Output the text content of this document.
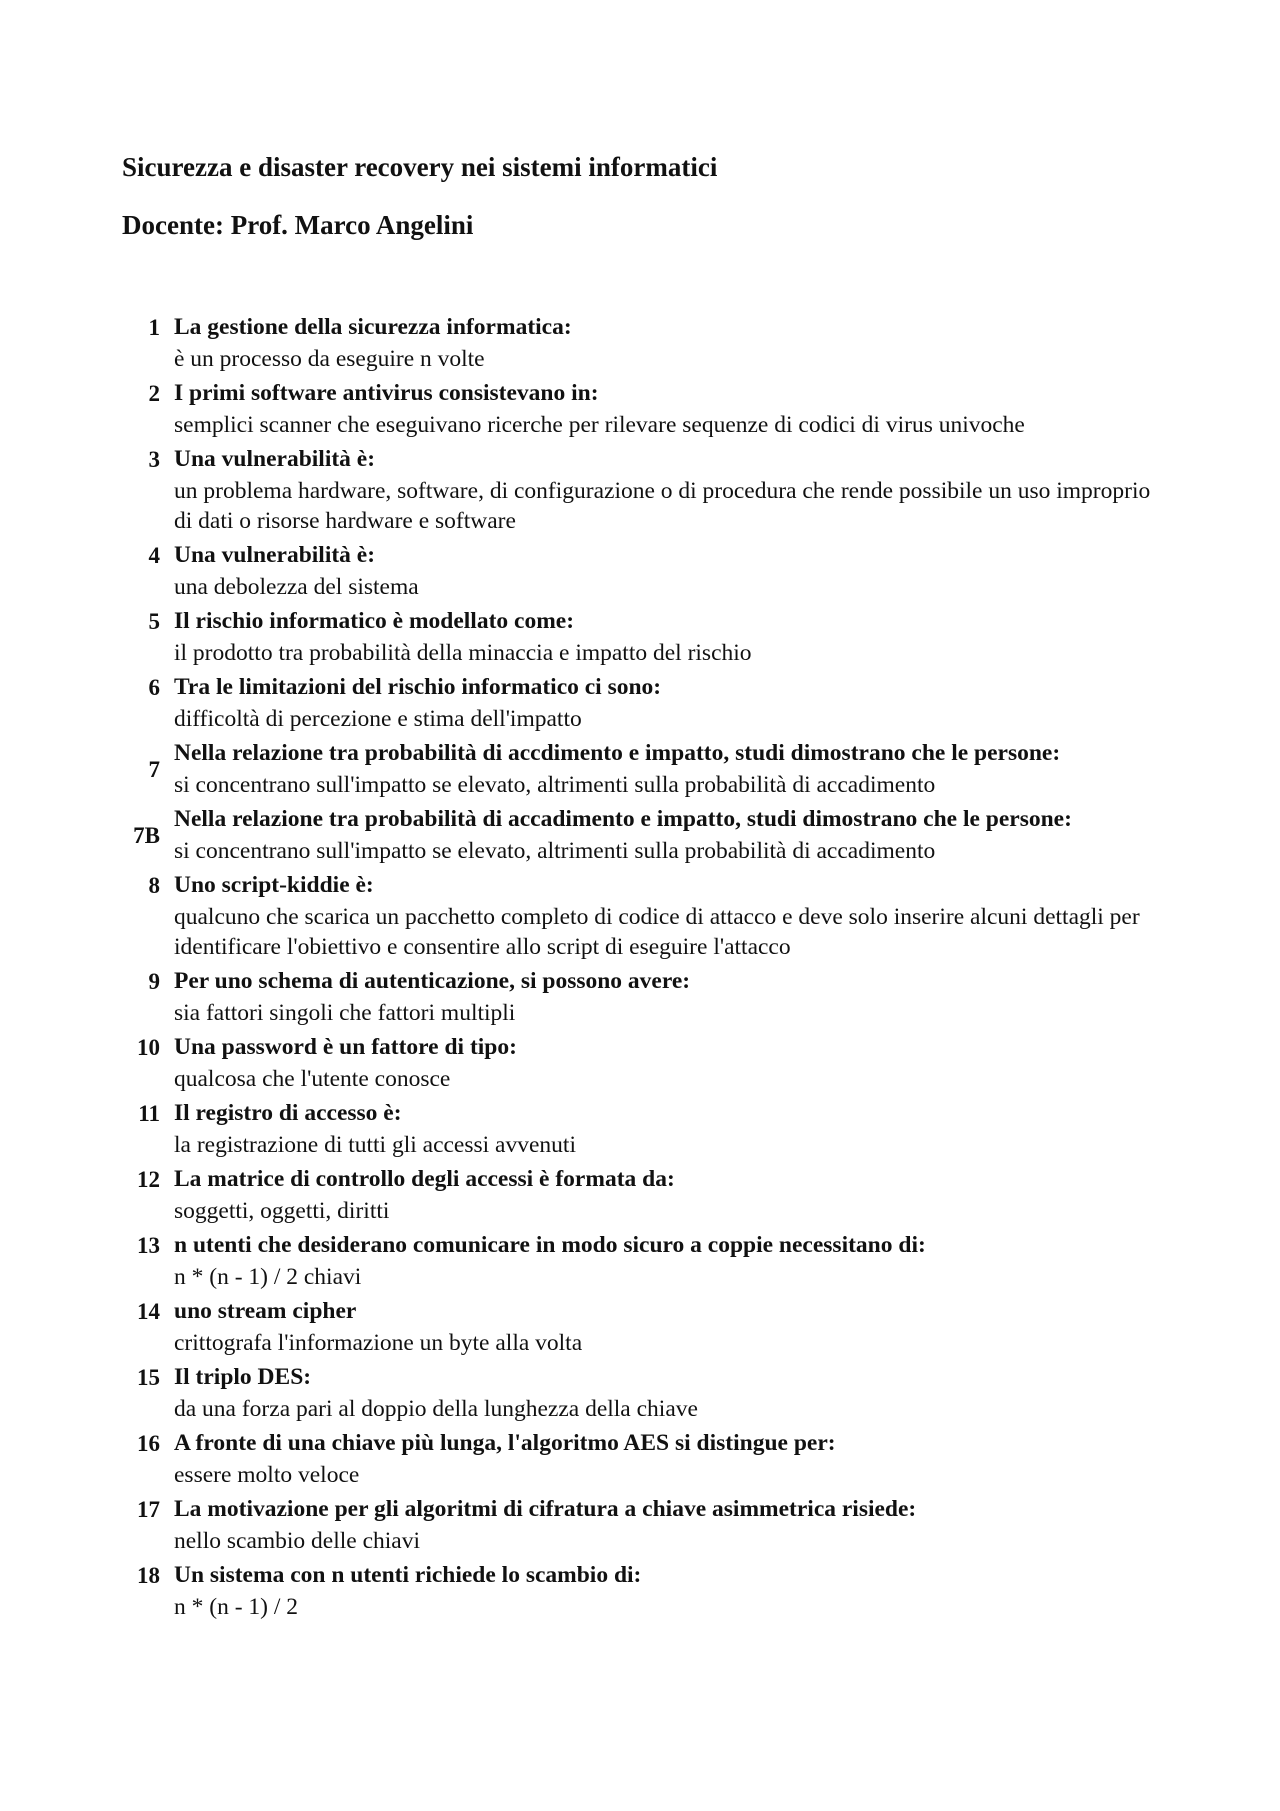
Sicurezza e disaster recovery nei sistemi informatici
Docente: Prof. Marco Angelini
1 La gestione della sicurezza informatica:

è un processo da eseguire n volte

2 I primi software antivirus consistevano in:

semplici scanner che eseguivano ricerche per rilevare sequenze di codici di virus univoche

3 Una vulnerabilità è:

un problema hardware, software, di configurazione o di procedura che rende possibile un uso improprio di dati o risorse hardware e software

4 Una vulnerabilità è:

una debolezza del sistema

5 Il rischio informatico è modellato come:

il prodotto tra probabilità della minaccia e impatto del rischio

6 Tra le limitazioni del rischio informatico ci sono:

difficoltà di percezione e stima dell'impatto

7

Nella relazione tra probabilità di accdimento e impatto, studi dimostrano che le persone:

si concentrano sull'impatto se elevato, altrimenti sulla probabilità di accadimento

7B

Nella relazione tra probabilità di accadimento e impatto, studi dimostrano che le persone:

si concentrano sull'impatto se elevato, altrimenti sulla probabilità di accadimento

8 Uno script-kiddie è:

qualcuno che scarica un pacchetto completo di codice di attacco e deve solo inserire alcuni dettagli per identificare l'obiettivo e consentire allo script di eseguire l'attacco

9 Per uno schema di autenticazione, si possono avere:

sia fattori singoli che fattori multipli

10 Una password è un fattore di tipo:

qualcosa che l'utente conosce

11 Il registro di accesso è:

la registrazione di tutti gli accessi avvenuti

12 La matrice di controllo degli accessi è formata da:

soggetti, oggetti, diritti

13 n utenti che desiderano comunicare in modo sicuro a coppie necessitano di:

n * (n - 1) / 2 chiavi

14 uno stream cipher

crittografa l'informazione un byte alla volta

15 Il triplo DES:

da una forza pari al doppio della lunghezza della chiave

16 A fronte di una chiave più lunga, l'algoritmo AES si distingue per:

essere molto veloce

17 La motivazione per gli algoritmi di cifratura a chiave asimmetrica risiede:

nello scambio delle chiavi

18 Un sistema con n utenti richiede lo scambio di:

n * (n - 1) / 2
